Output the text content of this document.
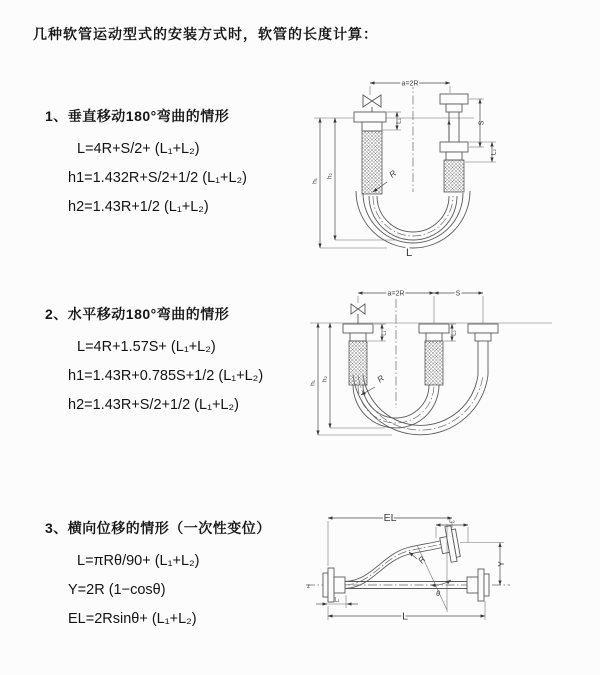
几种软管运动型式的安装方式时，软管的长度计算：
1、垂直移动180°弯曲的情形
L=4R+S/2+ (L₁+L₂)
h1=1.432R+S/2+1/2 (L₁+L₂)
h2=1.43R+1/2 (L₁+L₂)
2、水平移动180°弯曲的情形
L=4R+1.57S+ (L₁+L₂)
h1=1.43R+0.785S+1/2 (L₁+L₂)
h2=1.43R+S/2+1/2 (L₁+L₂)
3、横向位移的情形（一次性变位）
L=πRθ/90+ (L₁+L₂)
Y=2R (1−cosθ)
EL=2Rsinθ+ (L₁+L₂)
a=2R
S
L₂
L₁
h₁
h₂	R
L
a=2R	S
L₁	L₂
h₁
h₂	R
z
EL	L₂
Y
θ
R
L₁
L
